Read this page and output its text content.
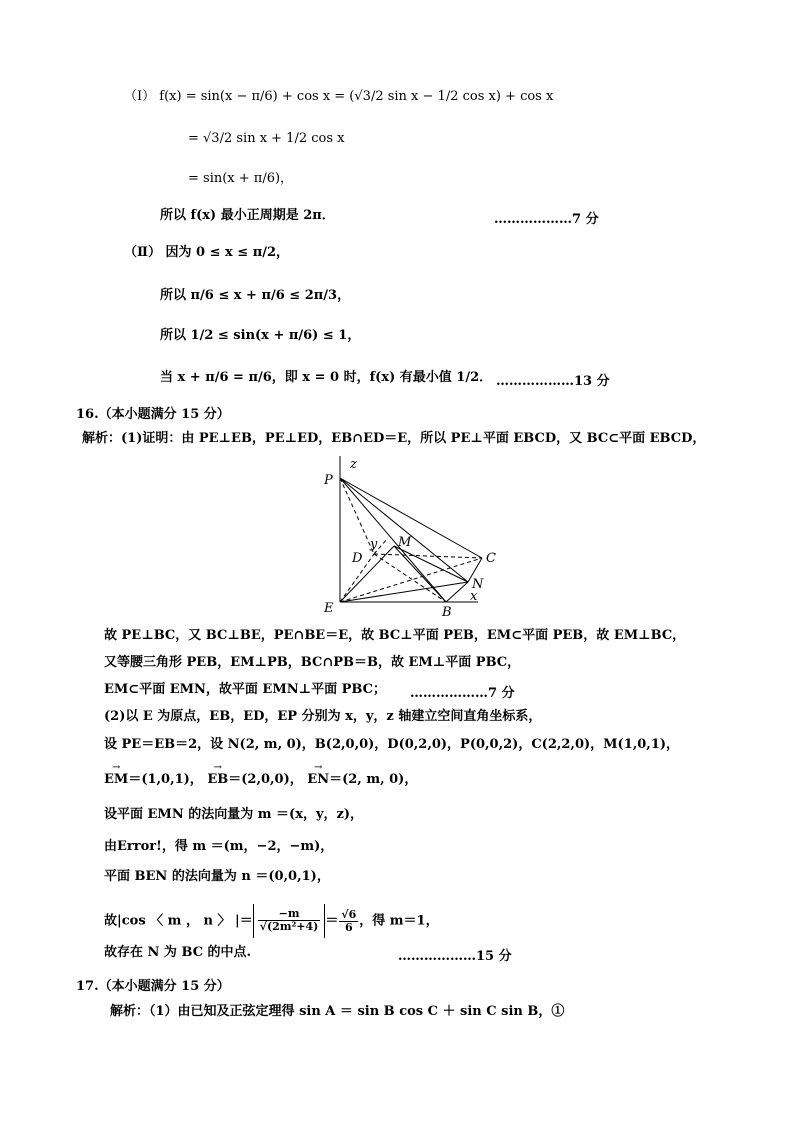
（Ⅰ） f(x) = sin(x − π/6) + cos x = (√3/2 sin x − 1/2 cos x) + cos x
= √3/2 sin x + 1/2 cos x
= sin(x + π/6)，
所以 f(x) 最小正周期是 2π．	………………7 分
（Ⅱ） 因为 0 ≤ x ≤ π/2，
所以 π/6 ≤ x + π/6 ≤ 2π/3，
所以 1/2 ≤ sin(x + π/6) ≤ 1，
当 x + π/6 = π/6，即 x = 0 时，f(x) 有最小值 1/2． ………………13 分
16.（本小题满分 15 分）
解析：(1)证明：由 PE⊥EB，PE⊥ED，EB∩ED＝E，所以 PE⊥平面 EBCD，又 BC⊂平面 EBCD，
P
z
D
y M
C
N
E	B
x
故 PE⊥BC，又 BC⊥BE，PE∩BE＝E，故 BC⊥平面 PEB，EM⊂平面 PEB，故 EM⊥BC，
又等腰三角形 PEB，EM⊥PB，BC∩PB＝B，故 EM⊥平面 PBC，
EM⊂平面 EMN，故平面 EMN⊥平面 PBC； ………………7 分
(2)以 E 为原点，EB，ED，EP 分别为 x，y，z 轴建立空间直角坐标系，
设 PE＝EB＝2，设 N(2, m, 0)，B(2,0,0)，D(0,2,0)，P(0,0,2)，C(2,2,0)，M(1,0,1)，
→ EM＝(1,0,1)， → EB＝(2,0,0)， → EN＝(2, m, 0)，
设平面 EMN 的法向量为 m ＝(x，y，z)，
由Error!，得 m ＝(m，−2，−m)，
平面 BEN 的法向量为 n ＝(0,0,1)，
故|cos 〈 m ， n 〉 |＝ $\frac{-m}{\text{√(2m²+4)}} = \frac{√6}{6}$ ，得 m＝1，
故存在 N 为 BC 的中点.	………………15 分
17.（本小题满分 15 分）
解析：（1）由已知及正弦定理得 sin A ＝ sin B cos C ＋ sin C sin B，①
